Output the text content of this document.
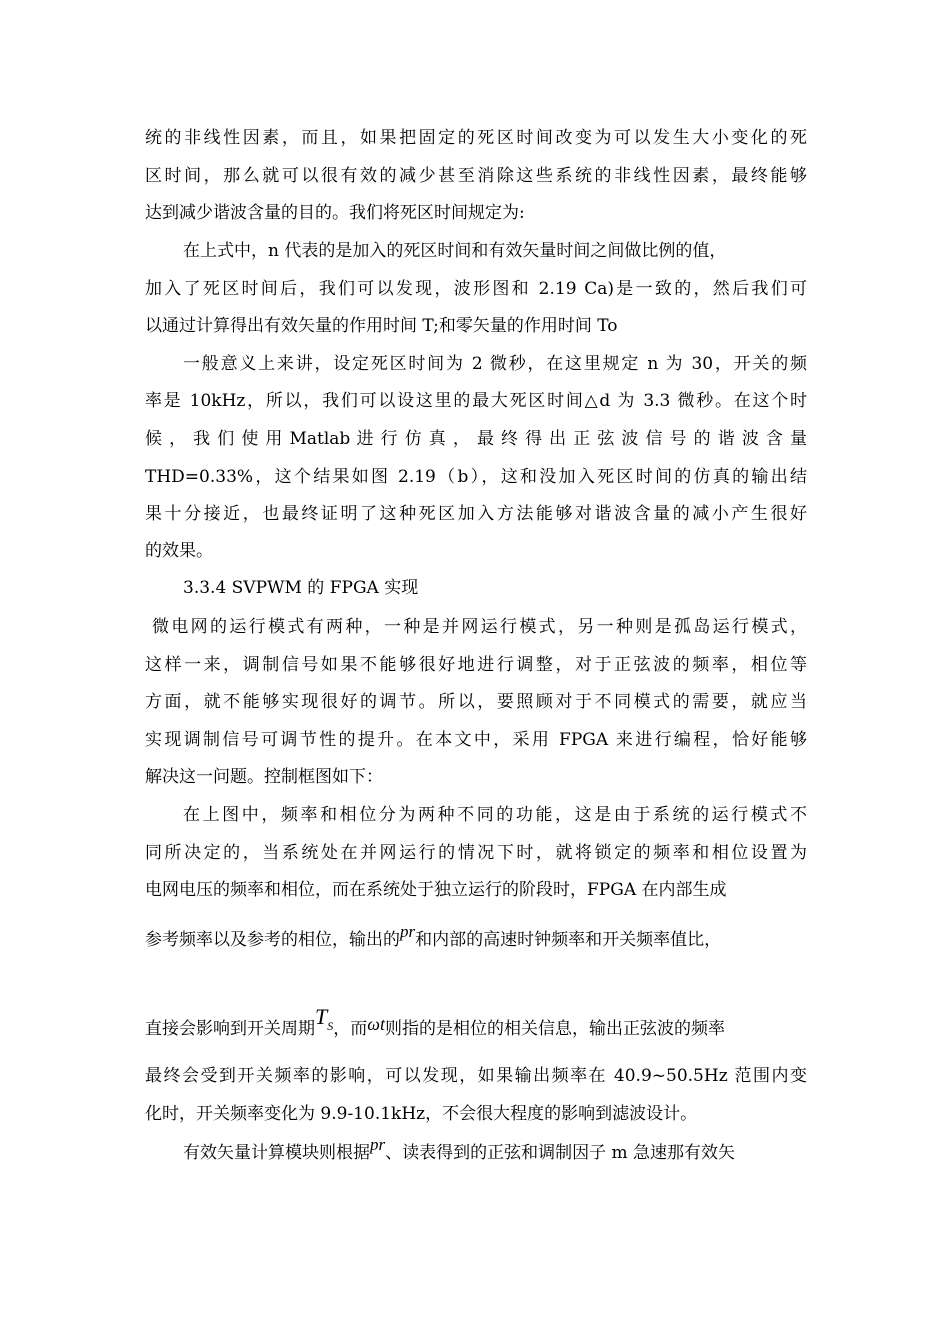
统的非线性因素，而且，如果把固定的死区时间改变为可以发生大小变化的死
区时间，那么就可以很有效的减少甚至消除这些系统的非线性因素，最终能够
达到减少谐波含量的目的。我们将死区时间规定为:
在上式中，n 代表的是加入的死区时间和有效矢量时间之间做比例的值，
加入了死区时间后，我们可以发现，波形图和 2.19 Ca)是一致的，然后我们可
以通过计算得出有效矢量的作用时间 T;和零矢量的作用时间 To
一般意义上来讲，设定死区时间为 2 微秒，在这里规定 n 为 30，开关的频
率是 10kHz，所以，我们可以设这里的最大死区时间△d 为 3.3 微秒。在这个时
候 ， 我 们 使 用 Matlab 进 行 仿 真 ， 最 终 得 出 正 弦 波 信 号 的 谐 波 含 量
THD=0.33%，这个结果如图 2.19（b），这和没加入死区时间的仿真的输出结
果十分接近，也最终证明了这种死区加入方法能够对谐波含量的减小产生很好
的效果。
3.3.4 SVPWM 的 FPGA 实现
微电网的运行模式有两种，一种是并网运行模式，另一种则是孤岛运行模式，
这样一来，调制信号如果不能够很好地进行调整，对于正弦波的频率，相位等
方面，就不能够实现很好的调节。所以，要照顾对于不同模式的需要，就应当
实现调制信号可调节性的提升。在本文中，采用 FPGA 来进行编程，恰好能够
解决这一问题。控制框图如下：
在上图中，频率和相位分为两种不同的功能，这是由于系统的运行模式不
同所决定的，当系统处在并网运行的情况下时，就将锁定的频率和相位设置为
电网电压的频率和相位，而在系统处于独立运行的阶段时，FPGA 在内部生成
参考频率以及参考的相位，输出的pr和内部的高速时钟频率和开关频率值比，
直接会影响到开关周期$T_S$，而ωt则指的是相位的相关信息，输出正弦波的频率
最终会受到开关频率的影响，可以发现，如果输出频率在 40.9~50.5Hz 范围内变
化时，开关频率变化为 9.9-10.1kHz，不会很大程度的影响到滤波设计。
有效矢量计算模块则根据pr、读表得到的正弦和调制因子 m 急速那有效矢
